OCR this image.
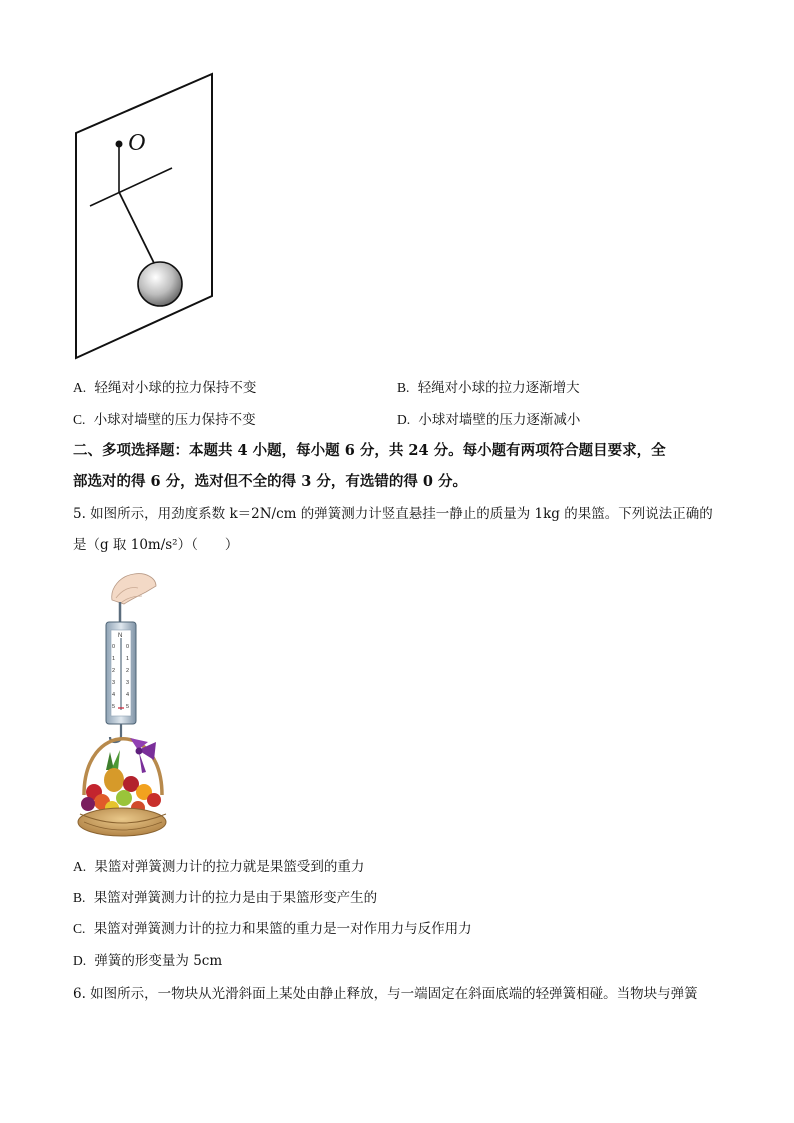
O
A. 轻绳对小球的拉力保持不变	B. 轻绳对小球的拉力逐渐增大
C. 小球对墙壁的压力保持不变	D. 小球对墙壁的压力逐渐减小
二、多项选择题：本题共 4 小题，每小题 6 分，共 24 分。每小题有两项符合题目要求，全
部选对的得 6 分，选对但不全的得 3 分，有选错的得 0 分。
5. 如图所示，用劲度系数 k＝2N/cm 的弹簧测力计竖直悬挂一静止的质量为 1kg 的果篮。下列说法正确的
是（g 取 10m/s²）（　　）
N
0
1
2
3
4
5
0
1
2
3
4
5
A. 果篮对弹簧测力计的拉力就是果篮受到的重力
B. 果篮对弹簧测力计的拉力是由于果篮形变产生的
C. 果篮对弹簧测力计的拉力和果篮的重力是一对作用力与反作用力
D. 弹簧的形变量为 5cm
6. 如图所示，一物块从光滑斜面上某处由静止释放，与一端固定在斜面底端的轻弹簧相碰。当物块与弹簧
